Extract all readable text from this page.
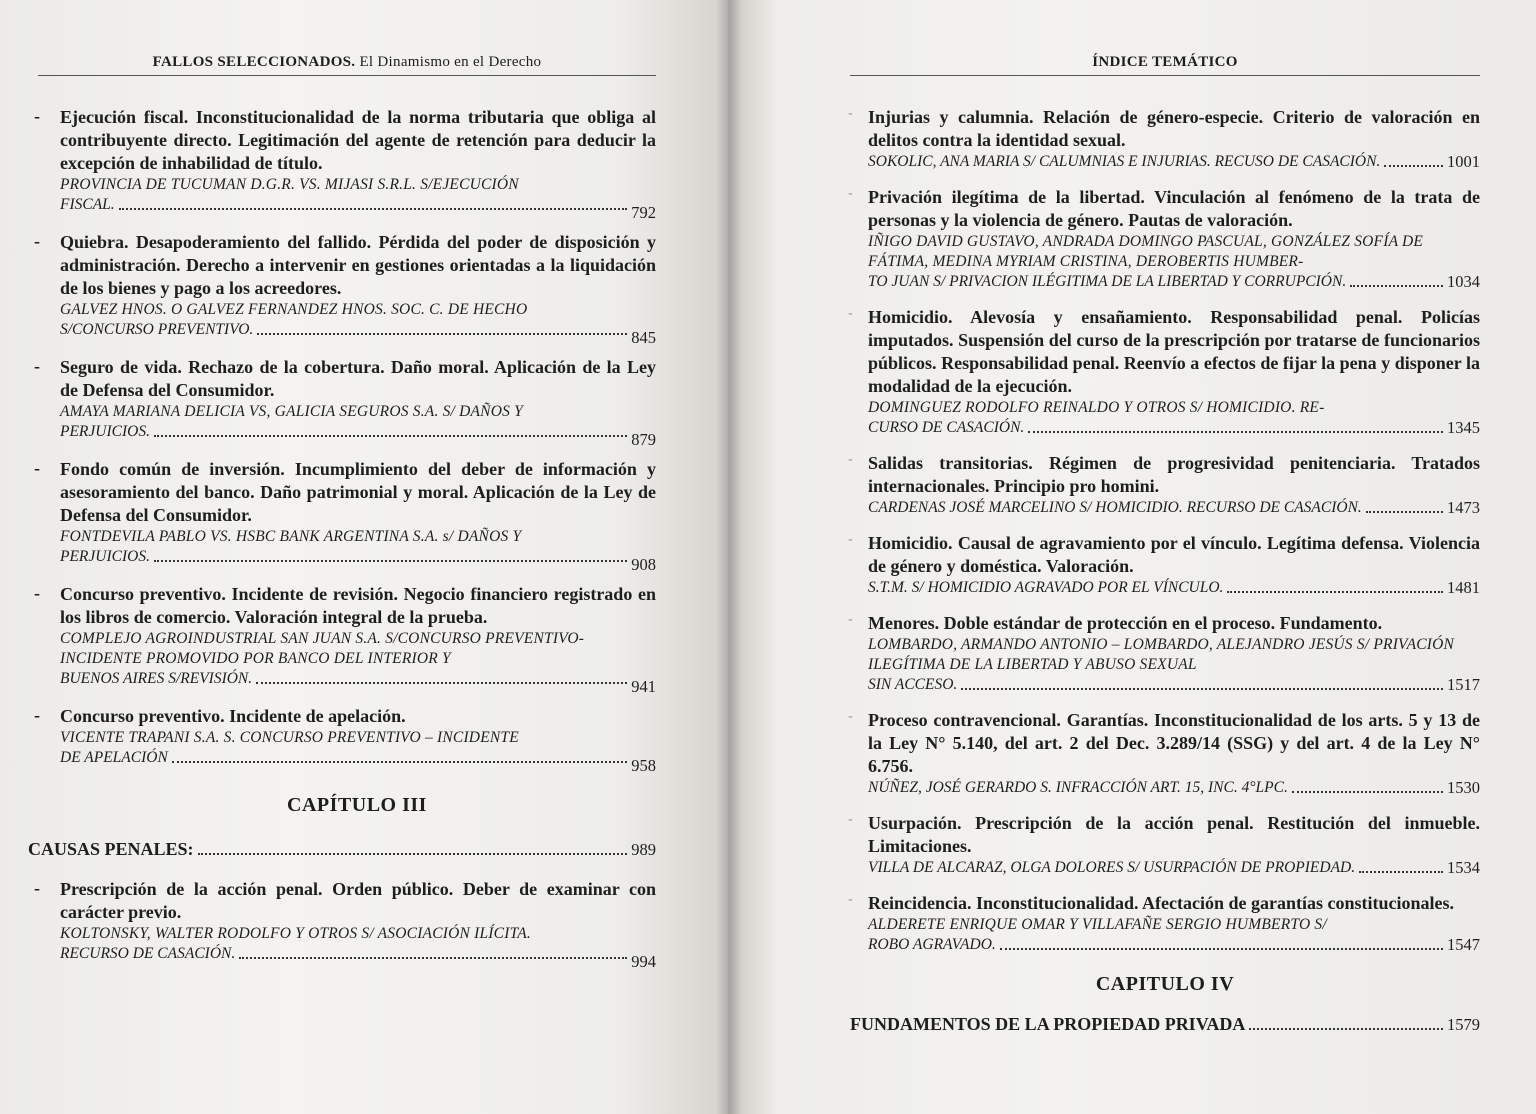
FALLOS SELECCIONADOS. El Dinamismo en el Derecho
- Ejecución fiscal. Inconstitucionalidad de la norma tributaria que obliga al contribuyente directo. Legitimación del agente de retención para deducir la excepción de inhabilidad de título.
PROVINCIA DE TUCUMAN D.G.R. VS. MIJASI S.R.L. S/EJECUCIÓN
FISCAL.	792
- Quiebra. Desapoderamiento del fallido. Pérdida del poder de disposición y administración. Derecho a intervenir en gestiones orientadas a la liquidación de los bienes y pago a los acreedores.
GALVEZ HNOS. O GALVEZ FERNANDEZ HNOS. SOC. C. DE HECHO
S/CONCURSO PREVENTIVO.	845
- Seguro de vida. Rechazo de la cobertura. Daño moral. Aplicación de la Ley de Defensa del Consumidor.
AMAYA MARIANA DELICIA VS, GALICIA SEGUROS S.A. S/ DAÑOS Y
PERJUICIOS.	879
- Fondo común de inversión. Incumplimiento del deber de información y asesoramiento del banco. Daño patrimonial y moral. Aplicación de la Ley de Defensa del Consumidor.
FONTDEVILA PABLO VS. HSBC BANK ARGENTINA S.A. s/ DAÑOS Y
PERJUICIOS.	908
- Concurso preventivo. Incidente de revisión. Negocio financiero registrado en los libros de comercio. Valoración integral de la prueba.
COMPLEJO AGROINDUSTRIAL SAN JUAN S.A. S/CONCURSO PREVENTIVO- INCIDENTE PROMOVIDO POR BANCO DEL INTERIOR Y
BUENOS AIRES S/REVISIÓN.	941
- Concurso preventivo. Incidente de apelación.
VICENTE TRAPANI S.A. S. CONCURSO PREVENTIVO – INCIDENTE
DE APELACIÓN	958
CAPÍTULO III
CAUSAS PENALES:	989
- Prescripción de la acción penal. Orden público. Deber de examinar con carácter previo.
KOLTONSKY, WALTER RODOLFO Y OTROS S/ ASOCIACIÓN ILÍCITA.
RECURSO DE CASACIÓN.	994
ÍNDICE TEMÁTICO
- Injurias y calumnia. Relación de género-especie. Criterio de valoración en delitos contra la identidad sexual.
SOKOLIC, ANA MARIA S/ CALUMNIAS E INJURIAS. RECUSO DE CASACIÓN.	1001
- Privación ilegítima de la libertad. Vinculación al fenómeno de la trata de personas y la violencia de género. Pautas de valoración.
IÑIGO DAVID GUSTAVO, ANDRADA DOMINGO PASCUAL, GONZÁLEZ SOFÍA DE FÁTIMA, MEDINA MYRIAM CRISTINA, DEROBERTIS HUMBER-
TO JUAN S/ PRIVACION ILÉGITIMA DE LA LIBERTAD Y CORRUPCIÓN.	1034
- Homicidio. Alevosía y ensañamiento. Responsabilidad penal. Policías imputados. Suspensión del curso de la prescripción por tratarse de funcionarios públicos. Responsabilidad penal. Reenvío a efectos de fijar la pena y disponer la modalidad de la ejecución.
DOMINGUEZ RODOLFO REINALDO Y OTROS S/ HOMICIDIO. RE-
CURSO DE CASACIÓN.	1345
- Salidas transitorias. Régimen de progresividad penitenciaria. Tratados internacionales. Principio pro homini.
CARDENAS JOSÉ MARCELINO S/ HOMICIDIO. RECURSO DE CASACIÓN.	1473
- Homicidio. Causal de agravamiento por el vínculo. Legítima defensa. Violencia de género y doméstica. Valoración.
S.T.M. S/ HOMICIDIO AGRAVADO POR EL VÍNCULO.	1481
- Menores. Doble estándar de protección en el proceso. Fundamento.
LOMBARDO, ARMANDO ANTONIO – LOMBARDO, ALEJANDRO JESÚS S/ PRIVACIÓN ILEGÍTIMA DE LA LIBERTAD Y ABUSO SEXUAL
SIN ACCESO.	1517
- Proceso contravencional. Garantías. Inconstitucionalidad de los arts. 5 y 13 de la Ley N° 5.140, del art. 2 del Dec. 3.289/14 (SSG) y del art. 4 de la Ley N° 6.756.
NÚÑEZ, JOSÉ GERARDO S. INFRACCIÓN ART. 15, INC. 4°LPC.	1530
- Usurpación. Prescripción de la acción penal. Restitución del inmueble. Limitaciones.
VILLA DE ALCARAZ, OLGA DOLORES S/ USURPACIÓN DE PROPIEDAD.	1534
- Reincidencia. Inconstitucionalidad. Afectación de garantías constitucionales.
ALDERETE ENRIQUE OMAR Y VILLAFAÑE SERGIO HUMBERTO S/
ROBO AGRAVADO.	1547
CAPITULO IV
FUNDAMENTOS DE LA PROPIEDAD PRIVADA	1579
